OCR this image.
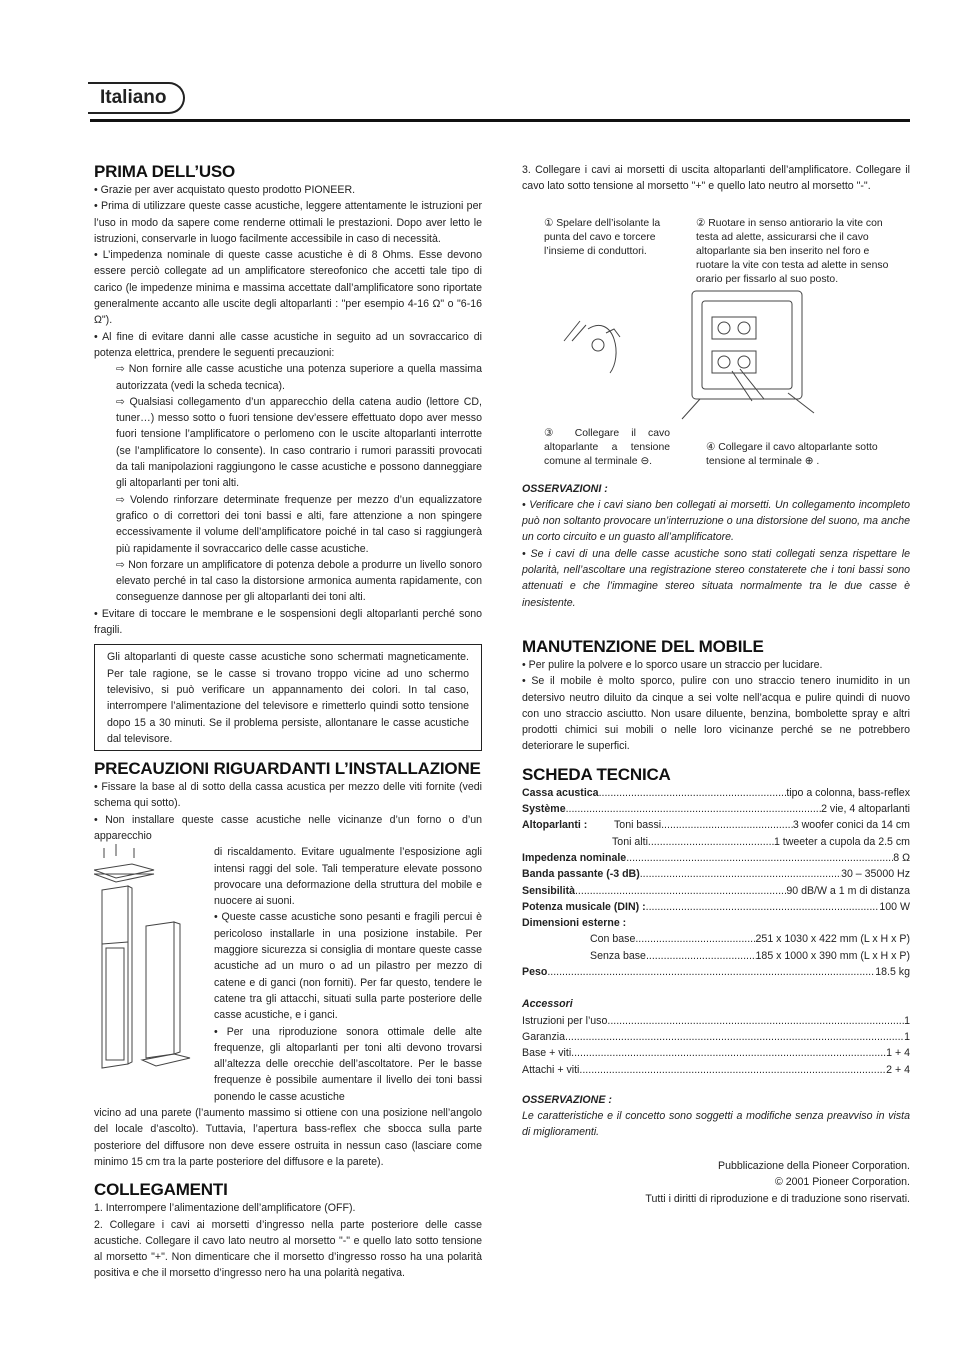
Italiano
PRIMA DELL’USO

• Grazie per aver acquistato questo prodotto PIONEER.

• Prima di utilizzare queste casse acustiche, leggere attentamente le istruzioni per l’uso in modo da sapere come renderne ottimali le prestazioni. Dopo aver letto le istruzioni, conservarle in luogo facilmente accessibile in caso di necessità.

• L’impedenza nominale di queste casse acustiche è di 8 Ohms. Esse devono essere perciò collegate ad un amplificatore stereofonico che accetti tale tipo di carico (le impedenze minima e massima accettate dall’amplificatore sono riportate generalmente accanto alle uscite degli altoparlanti : "per esempio 4-16 Ω" o "6-16 Ω").

• Al fine di evitare danni alle casse acustiche in seguito ad un sovraccarico di potenza elettrica, prendere le seguenti precauzioni:

⇨ Non fornire alle casse acustiche una potenza superiore a quella massima autorizzata (vedi la scheda tecnica).

⇨ Qualsiasi collegamento d’un apparecchio della catena audio (lettore CD, tuner…) messo sotto o fuori tensione dev’essere effettuato dopo aver messo fuori tensione l’amplificatore o perlomeno con le uscite altoparlanti interrotte (se l’amplificatore lo consente). In caso contrario i rumori parassiti provocati da tali manipolazioni raggiungono le casse acustiche e possono danneggiare gli altoparlanti per toni alti.

⇨ Volendo rinforzare determinate frequenze per mezzo d’un equalizzatore grafico o di correttori dei toni bassi e alti, fare attenzione a non spingere eccessivamente il volume dell’amplificatore poiché in tal caso si raggiungerà più rapidamente il sovraccarico delle casse acustiche.

⇨ Non forzare un amplificatore di potenza debole a produrre un livello sonoro elevato perché in tal caso la distorsione armonica aumenta rapidamente, con conseguenze dannose per gli altoparlanti dei toni alti.

• Evitare di toccare le membrane e le sospensioni degli altoparlanti perché sono fragili.

Gli altoparlanti di queste casse acustiche sono schermati magneticamente. Per tale ragione, se le casse si trovano troppo vicine ad uno schermo televisivo, si può verificare un appannamento dei colori. In tal caso, interrompere l’alimentazione del televisore e rimetterlo quindi sotto tensione dopo 15 a 30 minuti. Se il problema persiste, allontanare le casse acustiche dal televisore.

PRECAUZIONI RIGUARDANTI L’INSTALLAZIONE

• Fissare la base al di sotto della cassa acustica per mezzo delle viti fornite (vedi schema qui sotto).

• Non installare queste casse acustiche nelle vicinanze d’un forno o d’un apparecchio

di riscaldamento. Evitare ugualmente l’esposizione agli intensi raggi del sole. Tali temperature elevate possono provocare una deformazione della struttura del mobile e nuocere ai suoni.

• Queste casse acustiche sono pesanti e fragili percui è pericoloso installarle in una posizione instabile. Per maggiore sicurezza si consiglia di montare queste casse acustiche ad un muro o ad un pilastro per mezzo di catene e di ganci (non forniti). Per far questo, tendere le catene tra gli attacchi, situati sulla parte posteriore delle casse acustiche, e i ganci.

• Per una riproduzione sonora ottimale delle alte frequenze, gli altoparlanti per toni alti devono trovarsi all’altezza delle orecchie dell’ascoltatore. Per le basse frequenze è possibile aumentare il livello dei toni bassi ponendo le casse acustiche

vicino ad una parete (l’aumento massimo si ottiene con una posizione nell’angolo del locale d’ascolto). Tuttavia, l’apertura bass-reflex che sbocca sulla parte posteriore del diffusore non deve essere ostruita in nessun caso (lasciare come minimo 15 cm tra la parte posteriore del diffusore e la parete).

COLLEGAMENTI

1. Interrompere l’alimentazione dell’amplificatore (OFF).

2. Collegare i cavi ai morsetti d’ingresso nella parte posteriore delle casse acustiche. Collegare il cavo lato neutro al morsetto "-" e quello lato sotto tensione al morsetto "+". Non dimenticare che il morsetto d’ingresso rosso ha una polarità positiva e che il morsetto d’ingresso nero ha una polarità negativa.

3. Collegare i cavi ai morsetti di uscita altoparlanti dell’amplificatore. Collegare il cavo lato sotto tensione al morsetto "+" e quello lato neutro al morsetto "-".

① Spelare dell’isolante la punta del cavo e torcere l’insieme di conduttori.
② Ruotare in senso antiorario la vite con testa ad alette, assicurarsi che il cavo altoparlante sia ben inserito nel foro e ruotare la vite con testa ad alette in senso orario per fissarlo al suo posto.
③ Collegare il cavo altoparlante a tensione comune al terminale ⊖.
④ Collegare il cavo altoparlante sotto tensione al terminale ⊕ .
OSSERVAZIONI :

• Verificare che i cavi siano ben collegati ai morsetti. Un collegamento incompleto può non soltanto provocare un’interruzione o una distorsione del suono, ma anche un corto circuito e un guasto all’amplificatore.

• Se i cavi di una delle casse acustiche sono stati collegati senza rispettare le polarità, nell’ascoltare una registrazione stereo constaterete che i toni bassi sono attenuati e che l’immagine stereo situata normalmente tra le due casse è inesistente.

MANUTENZIONE DEL MOBILE

• Per pulire la polvere e lo sporco usare un straccio per lucidare.

• Se il mobile è molto sporco, pulire con uno straccio tenero inumidito in un detersivo neutro diluito da cinque a sei volte nell’acqua e pulire quindi di nuovo con uno straccio asciutto. Non usare diluente, benzina, bombolette spray e altri prodotti chimici sui mobili o nelle loro vicinanze perché se ne potrebbero deteriorare le superfici.

SCHEDA TECNICA
Cassa acustica .....	tipo a colonna, bass-reflex
Système .....	2 vie, 4 altoparlanti
Altoparlanti :	Toni bassi .....	3 woofer conici da 14 cm
Toni alti .....	1 tweeter a cupola da 2.5 cm
Impedenza nominale .....	8 Ω
Banda passante (-3 dB) .....	30 – 35000 Hz
Sensibilità .....	90 dB/W a 1 m di distanza
Potenza musicale (DIN) : .....	100 W
Dimensioni esterne :
Con base .....	251 x 1030 x 422 mm (L x H x P)
Senza base .....	185 x 1000 x 390 mm (L x H x P)
Peso .....	18.5 kg
Accessori
Istruzioni per l’uso .....	1
Garanzia .....	1
Base + viti .....	1 + 4
Attachi + viti .....	2 + 4
OSSERVAZIONE :

Le caratteristiche e il concetto sono soggetti a modifiche senza preavviso in vista di miglioramenti.

Pubblicazione della Pioneer Corporation.
© 2001 Pioneer Corporation.
Tutti i diritti di riproduzione e di traduzione sono riservati.
